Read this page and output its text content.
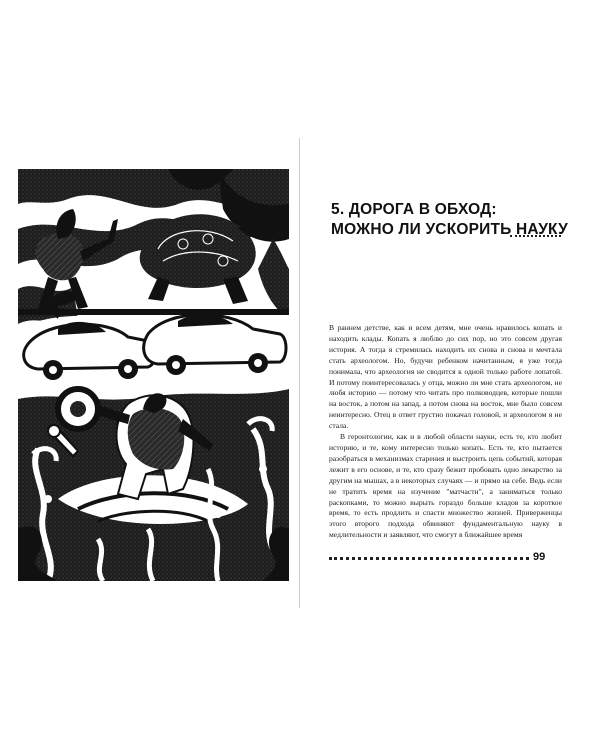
5. ДОРОГА В ОБХОД:
МОЖНО ЛИ УСКОРИТЬ НАУКУ

В раннем детстве, как и всем детям, мне очень нравилось копать и находить клады. Копать я люблю до сих пор, но это совсем другая история. А тогда я стремилась находить их снова и снова и мечтала стать археологом. Но, будучи ребенком начитанным, я уже тогда понимала, что археология не сводится к одной только работе лопатой. И потому поинтересовалась у отца, можно ли мне стать археологом, не любя историю — потому что читать про полководцев, которые пошли на восток, а потом на запад, а потом снова на восток, мне было совсем неинтересно. Отец в ответ грустно покачал головой, и археологом я не стала.

В геронтологии, как и в любой области науки, есть те, кто любит историю, и те, кому интересно только копать. Есть те, кто пытается разобраться в механизмах старения и выстроить цепь событий, которая лежит в его основе, и те, кто сразу бежит пробовать одно лекарство за другим на мышах, а в некоторых случаях — и прямо на себе. Ведь если не тратить время на изучение "матчасти", а заниматься только раскопками, то можно вырыть гораздо больше кладов за короткое время, то есть продлить и спасти множество жизней. Приверженцы этого второго подхода обвиняют фундаментальную науку в медлительности и заявляют, что смогут в ближайшее время

99
